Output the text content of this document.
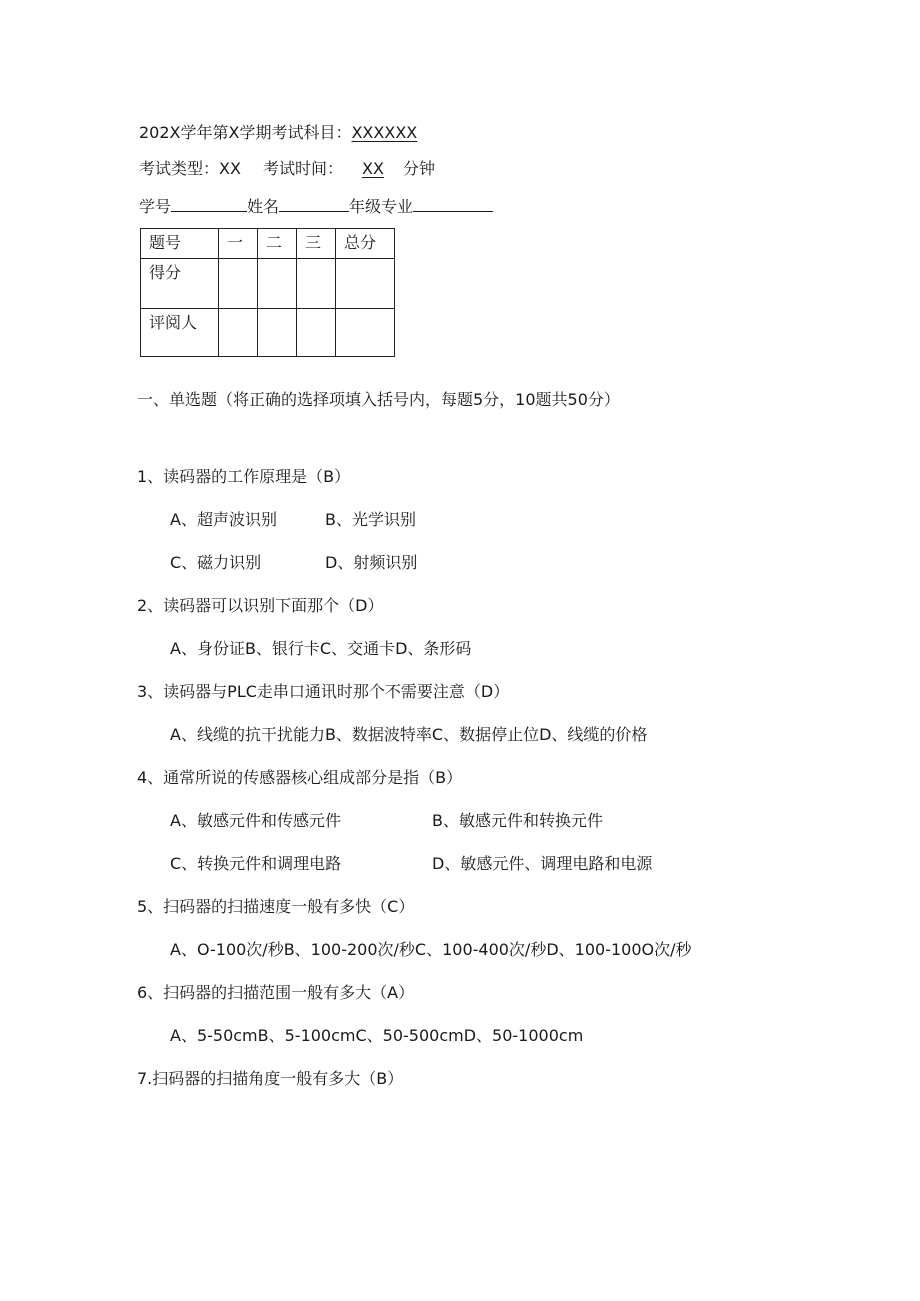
202X学年第X学期考试科目：XXXXXX
考试类型：XX 考试时间： XX 分钟
学号	姓名	年级专业
题号	一	二	三	总分
得分				
评阅人				
一、单选题（将正确的选择项填入括号内，每题5分，10题共50分）
1、读码器的工作原理是（B）
A、超声波识别	B、光学识别
C、磁力识别	D、射频识别
2、读码器可以识别下面那个（D）
A、身份证B、银行卡C、交通卡D、条形码
3、读码器与PLC走串口通讯时那个不需要注意（D）
A、线缆的抗干扰能力B、数据波特率C、数据停止位D、线缆的价格
4、通常所说的传感器核心组成部分是指（B）
A、敏感元件和传感元件	B、敏感元件和转换元件
C、转换元件和调理电路	D、敏感元件、调理电路和电源
5、扫码器的扫描速度一般有多快（C）
A、O-100次/秒B、100-200次/秒C、100-400次/秒D、100-100O次/秒
6、扫码器的扫描范围一般有多大（A）
A、5-50cmB、5-100cmC、50-500cmD、50-1000cm
7.扫码器的扫描角度一般有多大（B）
